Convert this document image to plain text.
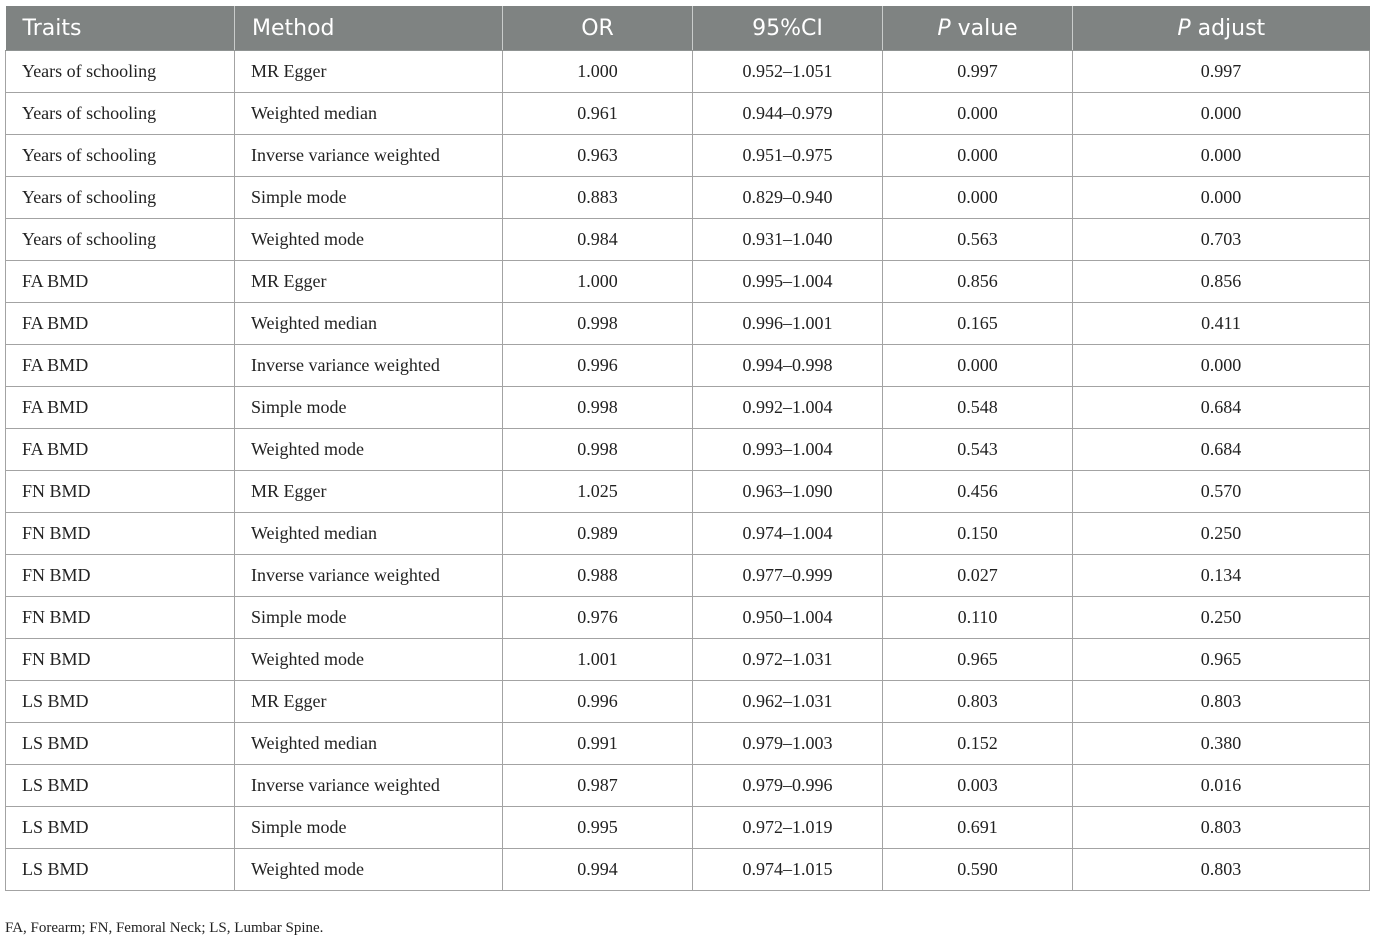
Traits	Method	OR	95%CI	P value	P adjust
Years of schooling	MR Egger	1.000	0.952–1.051	0.997	0.997
Years of schooling	Weighted median	0.961	0.944–0.979	0.000	0.000
Years of schooling	Inverse variance weighted	0.963	0.951–0.975	0.000	0.000
Years of schooling	Simple mode	0.883	0.829–0.940	0.000	0.000
Years of schooling	Weighted mode	0.984	0.931–1.040	0.563	0.703
FA BMD	MR Egger	1.000	0.995–1.004	0.856	0.856
FA BMD	Weighted median	0.998	0.996–1.001	0.165	0.411
FA BMD	Inverse variance weighted	0.996	0.994–0.998	0.000	0.000
FA BMD	Simple mode	0.998	0.992–1.004	0.548	0.684
FA BMD	Weighted mode	0.998	0.993–1.004	0.543	0.684
FN BMD	MR Egger	1.025	0.963–1.090	0.456	0.570
FN BMD	Weighted median	0.989	0.974–1.004	0.150	0.250
FN BMD	Inverse variance weighted	0.988	0.977–0.999	0.027	0.134
FN BMD	Simple mode	0.976	0.950–1.004	0.110	0.250
FN BMD	Weighted mode	1.001	0.972–1.031	0.965	0.965
LS BMD	MR Egger	0.996	0.962–1.031	0.803	0.803
LS BMD	Weighted median	0.991	0.979–1.003	0.152	0.380
LS BMD	Inverse variance weighted	0.987	0.979–0.996	0.003	0.016
LS BMD	Simple mode	0.995	0.972–1.019	0.691	0.803
LS BMD	Weighted mode	0.994	0.974–1.015	0.590	0.803
FA, Forearm; FN, Femoral Neck; LS, Lumbar Spine.
